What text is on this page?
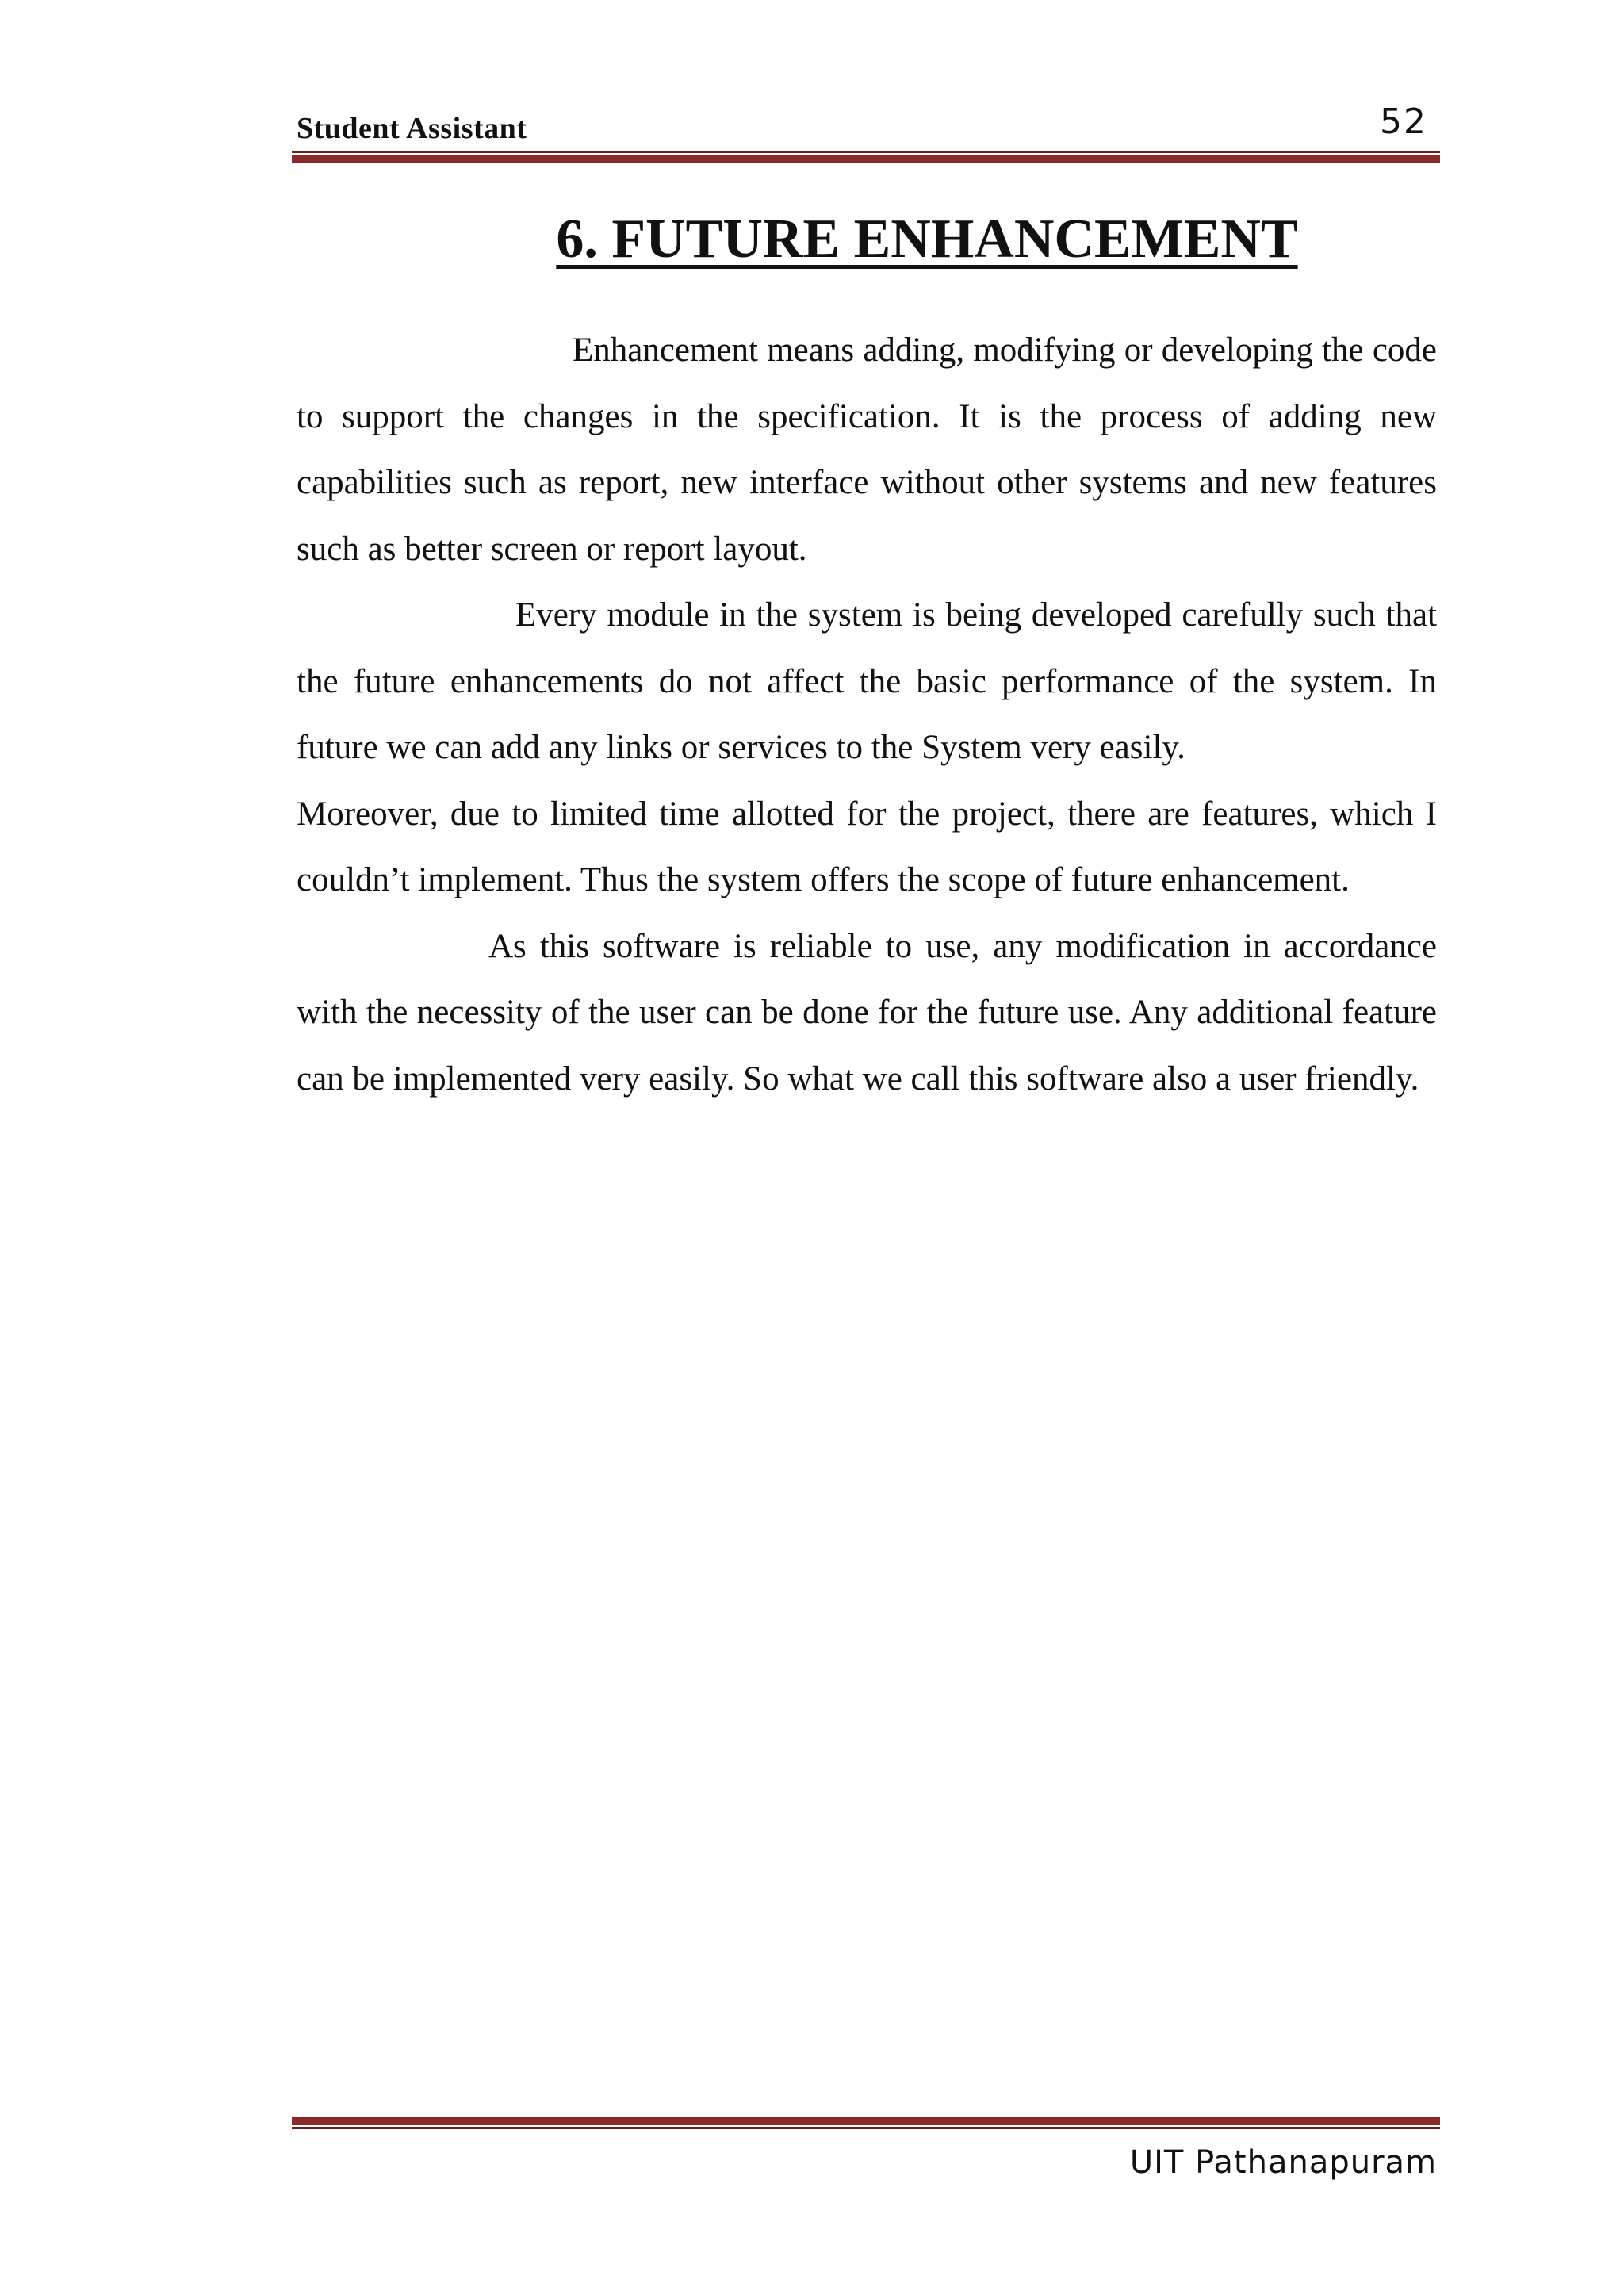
Student Assistant	52
6. FUTURE ENHANCEMENT

Enhancement means adding, modifying or developing the code to support the changes in the specification. It is the process of adding new capabilities such as report, new interface without other systems and new features such as better screen or report layout.

Every module in the system is being developed carefully such that the future enhancements do not affect the basic performance of the system. In future we can add any links or services to the System very easily.

Moreover, due to limited time allotted for the project, there are features, which I couldn’t implement. Thus the system offers the scope of future enhancement.

As this software is reliable to use, any modification in accordance with the necessity of the user can be done for the future use. Any additional feature can be implemented very easily. So what we call this software also a user friendly.

UIT Pathanapuram
